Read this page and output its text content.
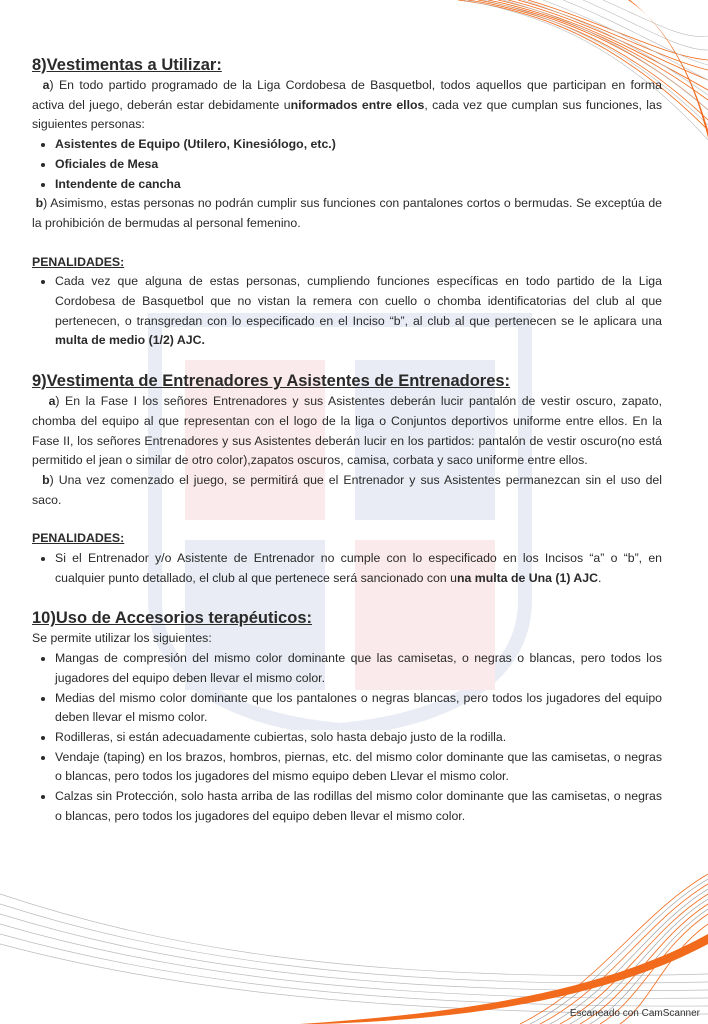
8)Vestimentas a Utilizar:

a) En todo partido programado de la Liga Cordobesa de Basquetbol, todos aquellos que participan en forma activa del juego, deberán estar debidamente uniformados entre ellos, cada vez que cumplan sus funciones, las siguientes personas:

• Asistentes de Equipo (Utilero, Kinesiólogo, etc.)
• Oficiales de Mesa
• Intendente de cancha

b) Asimismo, estas personas no podrán cumplir sus funciones con pantalones cortos o bermudas. Se exceptúa de la prohibición de bermudas al personal femenino.

PENALIDADES:

• Cada vez que alguna de estas personas, cumpliendo funciones específicas en todo partido de la Liga Cordobesa de Basquetbol que no vistan la remera con cuello o chomba identificatorias del club al que pertenecen, o transgredan con lo especificado en el Inciso “b”, al club al que pertenecen se le aplicara una multa de medio (1/2) AJC.
9)Vestimenta de Entrenadores y Asistentes de Entrenadores:

a) En la Fase I los señores Entrenadores y sus Asistentes deberán lucir pantalón de vestir oscuro, zapato, chomba del equipo al que representan con el logo de la liga o Conjuntos deportivos uniforme entre ellos. En la Fase II, los señores Entrenadores y sus Asistentes deberán lucir en los partidos: pantalón de vestir oscuro(no está permitido el jean o similar de otro color),zapatos oscuros, camisa, corbata y saco uniforme entre ellos.

b) Una vez comenzado el juego, se permitirá que el Entrenador y sus Asistentes permanezcan sin el uso del saco.

PENALIDADES:

• Si el Entrenador y/o Asistente de Entrenador no cumple con lo especificado en los Incisos “a” o “b”, en cualquier punto detallado, el club al que pertenece será sancionado con una multa de Una (1) AJC.
10)Uso de Accesorios terapéuticos:

Se permite utilizar los siguientes:

• Mangas de compresión del mismo color dominante que las camisetas, o negras o blancas, pero todos los jugadores del equipo deben llevar el mismo color.
• Medias del mismo color dominante que los pantalones o negras blancas, pero todos los jugadores del equipo deben llevar el mismo color.
• Rodilleras, si están adecuadamente cubiertas, solo hasta debajo justo de la rodilla.
• Vendaje (taping) en los brazos, hombros, piernas, etc. del mismo color dominante que las camisetas, o negras o blancas, pero todos los jugadores del mismo equipo deben Llevar el mismo color.
• Calzas sin Protección, solo hasta arriba de las rodillas del mismo color dominante que las camisetas, o negras o blancas, pero todos los jugadores del equipo deben llevar el mismo color.
Escaneado con CamScanner
